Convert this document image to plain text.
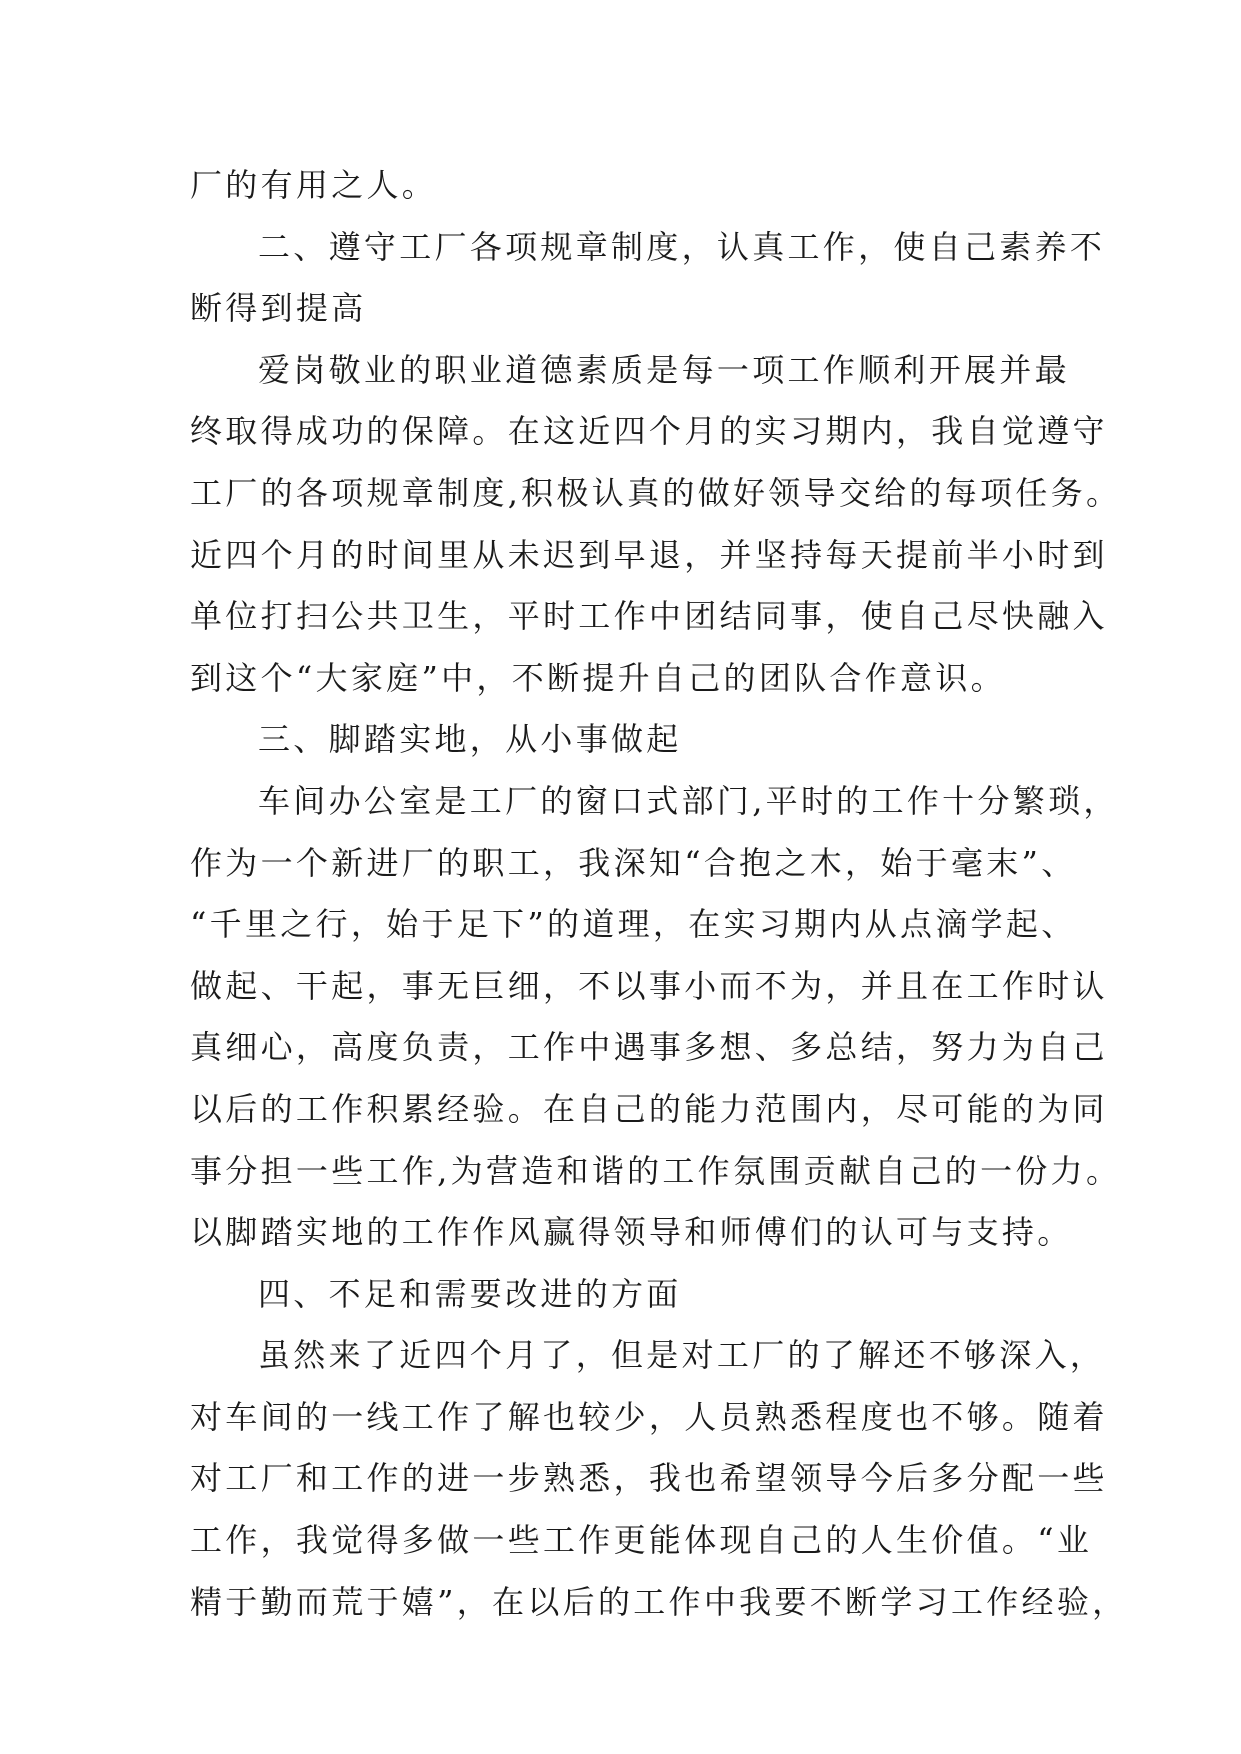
厂的有用之人。
二、遵守工厂各项规章制度，认真工作，使自己素养不
断得到提高
爱岗敬业的职业道德素质是每一项工作顺利开展并最
终取得成功的保障。在这近四个月的实习期内，我自觉遵守
工厂的各项规章制度,积极认真的做好领导交给的每项任务。
近四个月的时间里从未迟到早退，并坚持每天提前半小时到
单位打扫公共卫生，平时工作中团结同事，使自己尽快融入
到这个“大家庭”中，不断提升自己的团队合作意识。
三、脚踏实地，从小事做起
车间办公室是工厂的窗口式部门,平时的工作十分繁琐，
作为一个新进厂的职工，我深知“合抱之木，始于毫末”、
“千里之行，始于足下”的道理，在实习期内从点滴学起、
做起、干起，事无巨细，不以事小而不为，并且在工作时认
真细心，高度负责，工作中遇事多想、多总结，努力为自己
以后的工作积累经验。在自己的能力范围内，尽可能的为同
事分担一些工作,为营造和谐的工作氛围贡献自己的一份力。
以脚踏实地的工作作风赢得领导和师傅们的认可与支持。
四、不足和需要改进的方面
虽然来了近四个月了，但是对工厂的了解还不够深入，
对车间的一线工作了解也较少，人员熟悉程度也不够。随着
对工厂和工作的进一步熟悉，我也希望领导今后多分配一些
工作，我觉得多做一些工作更能体现自己的人生价值。“业
精于勤而荒于嬉”，在以后的工作中我要不断学习工作经验，
